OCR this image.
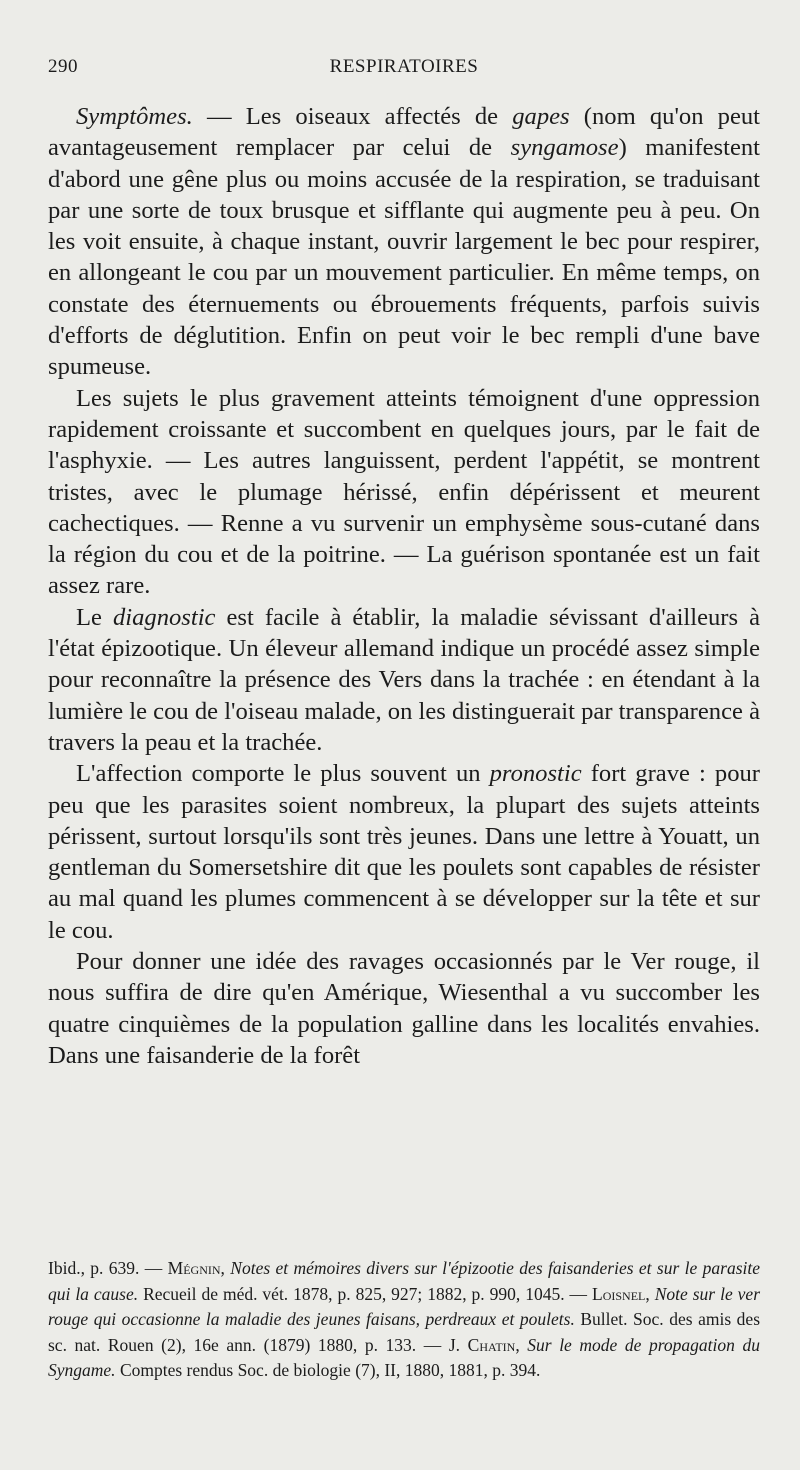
290	RESPIRATOIRES

Symptômes. — Les oiseaux affectés de gapes (nom qu'on peut avantageusement remplacer par celui de syngamose) manifestent d'abord une gêne plus ou moins accusée de la respiration, se traduisant par une sorte de toux brusque et sifflante qui augmente peu à peu. On les voit ensuite, à chaque instant, ouvrir largement le bec pour respirer, en allongeant le cou par un mouvement particulier. En même temps, on constate des éternuements ou ébrouements fréquents, parfois suivis d'efforts de déglutition. Enfin on peut voir le bec rempli d'une bave spumeuse.

Les sujets le plus gravement atteints témoignent d'une oppression rapidement croissante et succombent en quelques jours, par le fait de l'asphyxie. — Les autres languissent, perdent l'appétit, se montrent tristes, avec le plumage hérissé, enfin dépérissent et meurent cachectiques. — Renne a vu survenir un emphysème sous-cutané dans la région du cou et de la poitrine. — La guérison spontanée est un fait assez rare.

Le diagnostic est facile à établir, la maladie sévissant d'ailleurs à l'état épizootique. Un éleveur allemand indique un procédé assez simple pour reconnaître la présence des Vers dans la trachée : en étendant à la lumière le cou de l'oiseau malade, on les distinguerait par transparence à travers la peau et la trachée.

L'affection comporte le plus souvent un pronostic fort grave : pour peu que les parasites soient nombreux, la plupart des sujets atteints périssent, surtout lorsqu'ils sont très jeunes. Dans une lettre à Youatt, un gentleman du Somersetshire dit que les poulets sont capables de résister au mal quand les plumes commencent à se développer sur la tête et sur le cou.

Pour donner une idée des ravages occasionnés par le Ver rouge, il nous suffira de dire qu'en Amérique, Wiesenthal a vu succomber les quatre cinquièmes de la population galline dans les localités envahies. Dans une faisanderie de la forêt

Ibid., p. 639. — Mégnin, Notes et mémoires divers sur l'épizootie des faisanderies et sur le parasite qui la cause. Recueil de méd. vét. 1878, p. 825, 927; 1882, p. 990, 1045. — Loisnel, Note sur le ver rouge qui occasionne la maladie des jeunes faisans, perdreaux et poulets. Bullet. Soc. des amis des sc. nat. Rouen (2), 16e ann. (1879) 1880, p. 133. — J. Chatin, Sur le mode de propagation du Syngame. Comptes rendus Soc. de biologie (7), II, 1880, 1881, p. 394.
